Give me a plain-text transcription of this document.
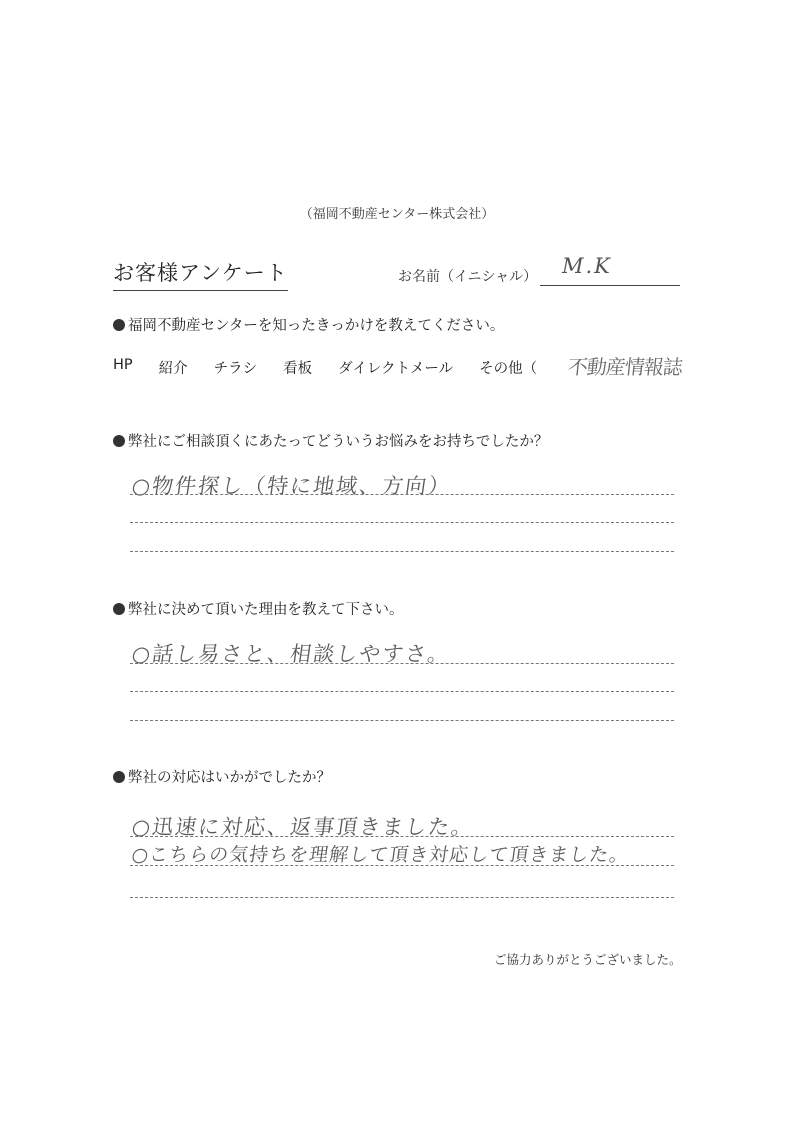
（福岡不動産センター株式会社）
お客様アンケート	お名前（イニシャル） M.K
福岡不動産センターを知ったきっかけを教えてください。
HP 紹介 チラシ 看板 ダイレクトメール その他（ 不動産情報誌
弊社にご相談頂くにあたってどういうお悩みをお持ちでしたか？
○物件探し（特に地域、方向）
弊社に決めて頂いた理由を教えて下さい。
○話し易さと、相談しやすさ。
弊社の対応はいかがでしたか？
○迅速に対応、返事頂きました。
○こちらの気持ちを理解して頂き対応して頂きました。
ご協力ありがとうございました。
